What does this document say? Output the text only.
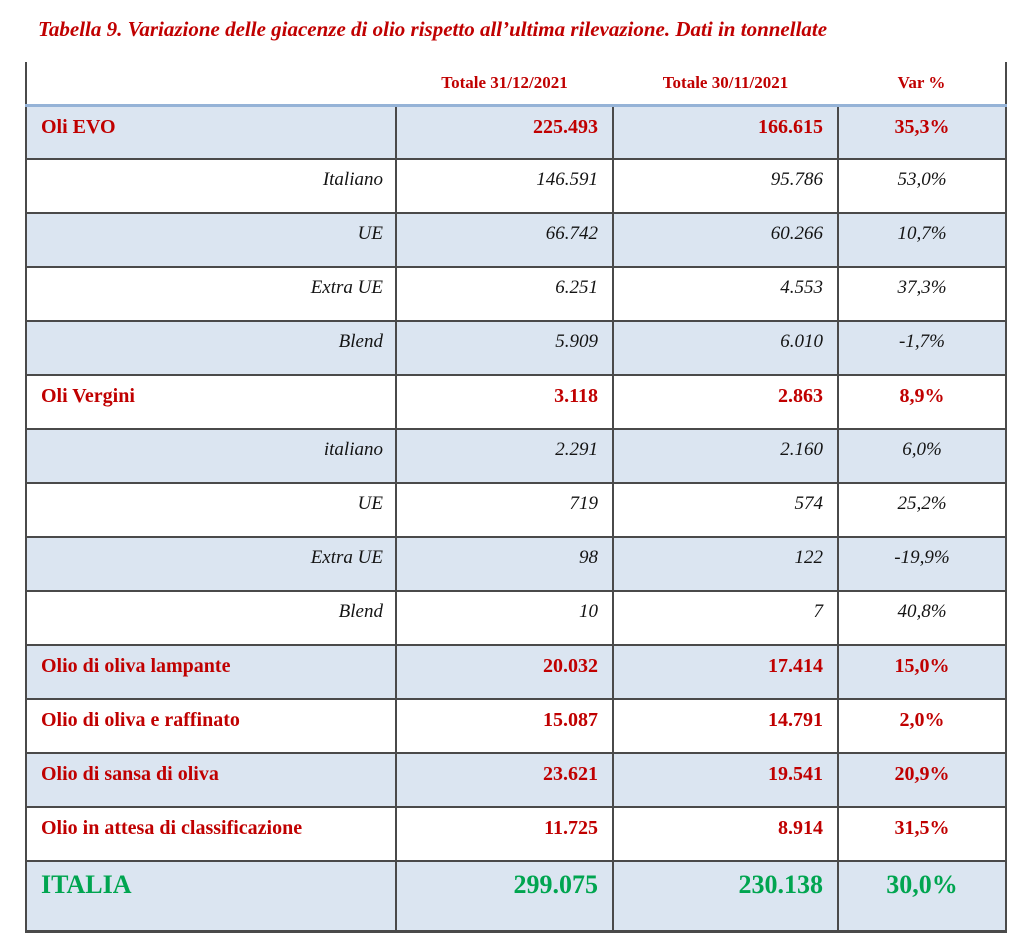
Tabella 9. Variazione delle giacenze di olio rispetto all’ultima rilevazione. Dati in tonnellate
	Totale 31/12/2021	Totale 30/11/2021	Var %
Oli EVO	225.493	166.615	35,3%
Italiano	146.591	95.786	53,0%
UE	66.742	60.266	10,7%
Extra UE	6.251	4.553	37,3%
Blend	5.909	6.010	-1,7%
Oli Vergini	3.118	2.863	8,9%
italiano	2.291	2.160	6,0%
UE	719	574	25,2%
Extra UE	98	122	-19,9%
Blend	10	7	40,8%
Olio di oliva lampante	20.032	17.414	15,0%
Olio di oliva e raffinato	15.087	14.791	2,0%
Olio di sansa di oliva	23.621	19.541	20,9%
Olio in attesa di classificazione	11.725	8.914	31,5%
ITALIA	299.075	230.138	30,0%
